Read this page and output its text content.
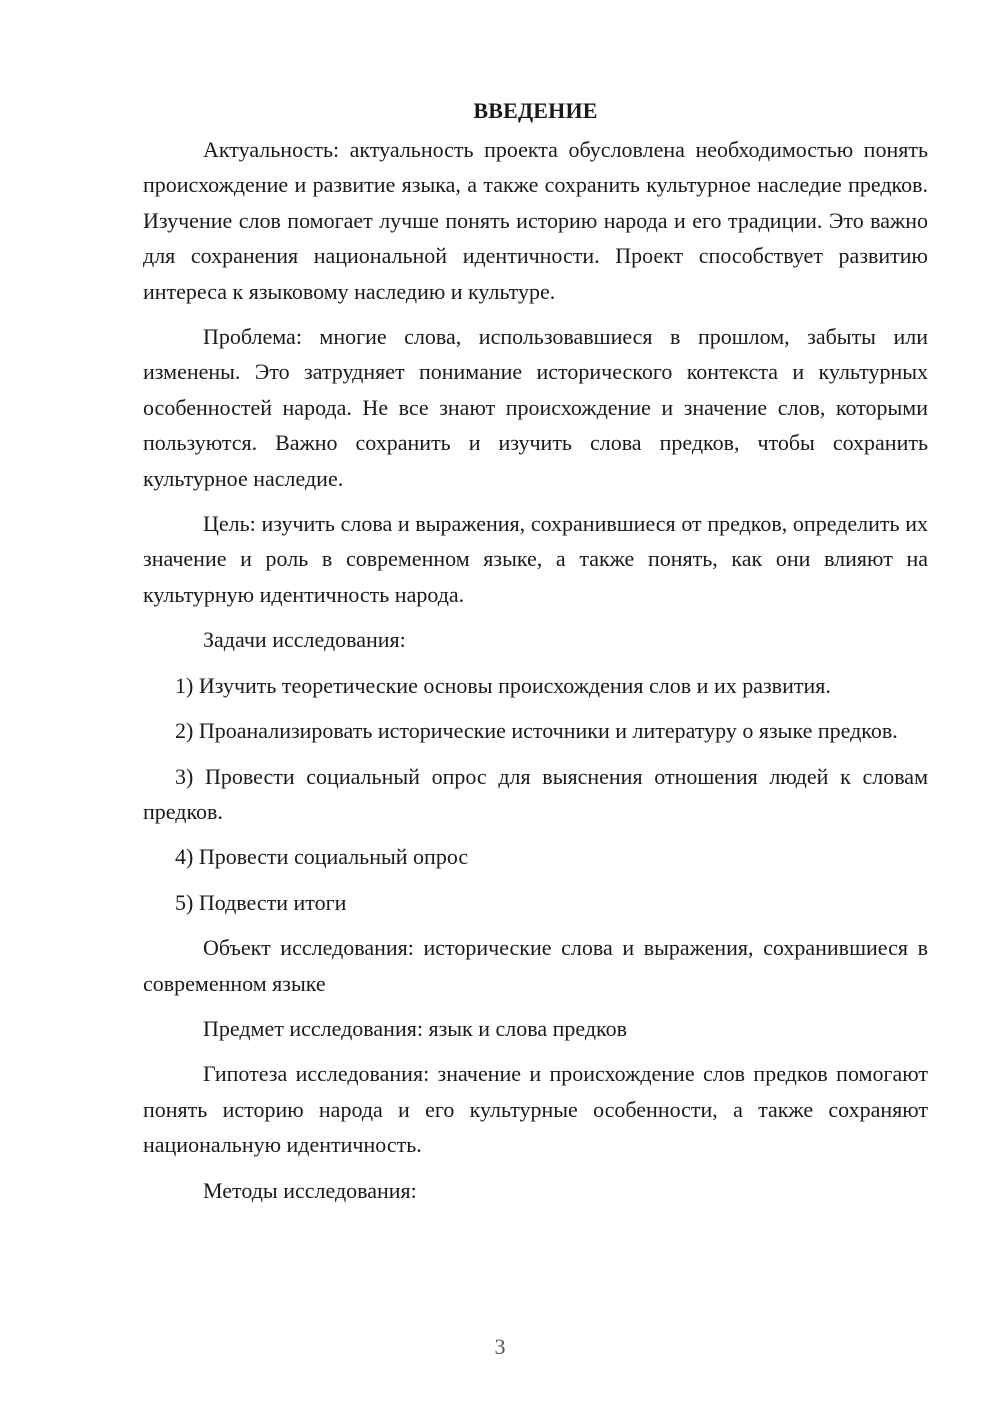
ВВЕДЕНИЕ

Актуальность: актуальность проекта обусловлена необходимостью понять происхождение и развитие языка, а также сохранить культурное наследие предков. Изучение слов помогает лучше понять историю народа и его традиции. Это важно для сохранения национальной идентичности. Проект способствует развитию интереса к языковому наследию и культуре.

Проблема: многие слова, использовавшиеся в прошлом, забыты или изменены. Это затрудняет понимание исторического контекста и культурных особенностей народа. Не все знают происхождение и значение слов, которыми пользуются. Важно сохранить и изучить слова предков, чтобы сохранить культурное наследие.

Цель: изучить слова и выражения, сохранившиеся от предков, определить их значение и роль в современном языке, а также понять, как они влияют на культурную идентичность народа.

Задачи исследования:

1) Изучить теоретические основы происхождения слов и их развития.

2) Проанализировать исторические источники и литературу о языке предков.

3) Провести социальный опрос для выяснения отношения людей к словам предков.

4) Провести социальный опрос

5) Подвести итоги

Объект исследования: исторические слова и выражения, сохранившиеся в современном языке

Предмет исследования: язык и слова предков

Гипотеза исследования: значение и происхождение слов предков помогают понять историю народа и его культурные особенности, а также сохраняют национальную идентичность.

Методы исследования:

3
